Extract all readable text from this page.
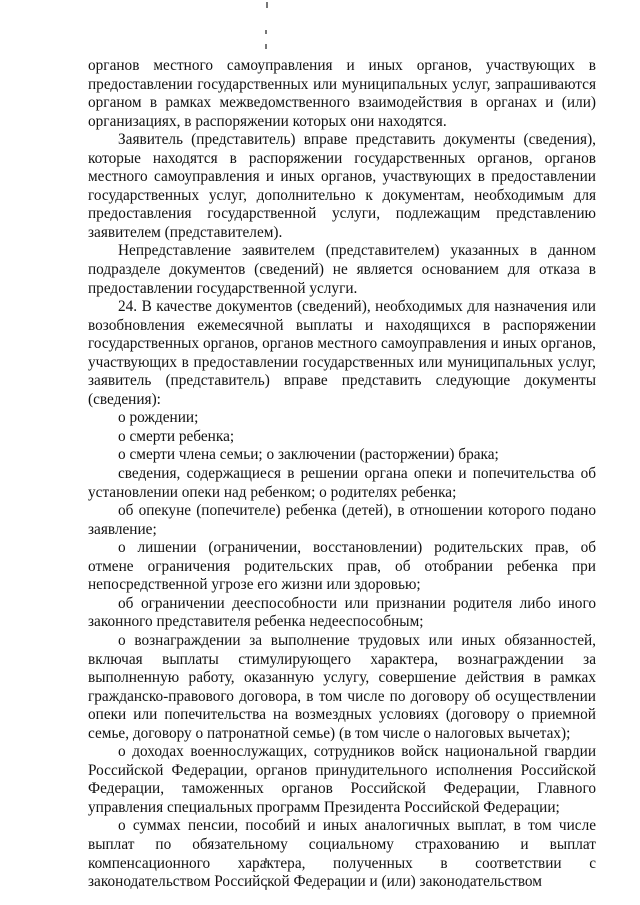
органов местного самоуправления и иных органов, участвующих в предоставлении государственных или муниципальных услуг, запрашиваются органом в рамках межведомственного взаимодействия в органах и (или) организациях, в распоряжении которых они находятся.

Заявитель (представитель) вправе представить документы (сведения), которые находятся в распоряжении государственных органов, органов местного самоуправления и иных органов, участвующих в предоставлении государственных услуг, дополнительно к документам, необходимым для предоставления государственной услуги, подлежащим представлению заявителем (представителем).

Непредставление заявителем (представителем) указанных в данном подразделе документов (сведений) не является основанием для отказа в предоставлении государственной услуги.

24. В качестве документов (сведений), необходимых для назначения или возобновления ежемесячной выплаты и находящихся в распоряжении государственных органов, органов местного самоуправления и иных органов, участвующих в предоставлении государственных или муниципальных услуг, заявитель (представитель) вправе представить следующие документы (сведения):

о рождении;

о смерти ребенка;

о смерти члена семьи; о заключении (расторжении) брака;

сведения, содержащиеся в решении органа опеки и попечительства об установлении опеки над ребенком; о родителях ребенка;

об опекуне (попечителе) ребенка (детей), в отношении которого подано заявление;

о лишении (ограничении, восстановлении) родительских прав, об отмене ограничения родительских прав, об отобрании ребенка при непосредственной угрозе его жизни или здоровью;

об ограничении дееспособности или признании родителя либо иного законного представителя ребенка недееспособным;

о вознаграждении за выполнение трудовых или иных обязанностей, включая выплаты стимулирующего характера, вознаграждении за выполненную работу, оказанную услугу, совершение действия в рамках гражданско-правового договора, в том числе по договору об осуществлении опеки или попечительства на возмездных условиях (договору о приемной семье, договору о патронатной семье) (в том числе о налоговых вычетах);

о доходах военнослужащих, сотрудников войск национальной гвардии Российской Федерации, органов принудительного исполнения Российской Федерации, таможенных органов Российской Федерации, Главного управления специальных программ Президента Российской Федерации;

о суммах пенсии, пособий и иных аналогичных выплат, в том числе выплат по обязательному социальному страхованию и выплат компенсационного характера, полученных в соответствии с законодательством Российской Федерации и (или) законодательством
